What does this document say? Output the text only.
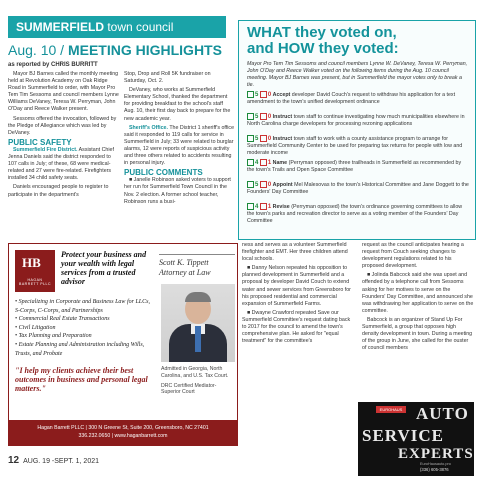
SUMMERFIELD town council
Aug. 10 / MEETING HIGHLIGHTS
as reported by CHRIS BURRITT

Mayor BJ Barnes called the monthly meeting held at Revolution Academy on Oak Ridge Road in Summerfield to order, with Mayor Pro Tem Tim Sessoms and council members Lynne Williams DeVaney, Teresa W. Perryman, John O'Day and Reece Walker present.

Sessoms offered the invocation, followed by the Pledge of Allegiance which was led by DeVaney.

PUBLIC SAFETY

Summerfield Fire District. Assistant Chief Jenna Daniels said the district responded to 107 calls in July; of these, 68 were medical-related and 27 were fire-related. Firefighters installed 34 child safety seats.

Daniels encouraged people to register to participate in the department's

Stop, Drop and Roll 5K fundraiser on Saturday, Oct. 2.

DeVaney, who works at Summerfield Elementary School, thanked the department for providing breakfast to the school's staff Aug. 10, their first day back to prepare for the new academic year.

Sheriff's Office. The District 1 sheriff's office said it responded to 119 calls for service in Summerfield in July; 33 were related to burglar alarms, 12 were reports of suspicious activity and three others related to accidents resulting in personal injury.

PUBLIC COMMENTS

■ Janelle Robinson asked voters to support her run for Summerfield Town Council in the Nov. 2 election. A former school teacher, Robinson runs a busi-

WHAT they voted on,
and HOW they voted:
Mayor Pro Tem Tim Sessoms and council members Lynne W. DeVaney, Teresa W. Perryman, John O'Day and Reece Walker voted on the following items during the Aug. 10 council meeting. Mayor BJ Barnes was present, but in Summerfield the mayor votes only to break a tie.
5 0 Accept developer David Couch's request to withdraw his application for a text amendment to the town's unified development ordinance
5 0 Instruct town staff to continue investigating how much municipalities elsewhere in North Carolina charge developers for processing rezoning applications
5 0 Instruct town staff to work with a county assistance program to arrange for Summerfield Community Center to be used for preparing tax returns for people with low and moderate income
4 1 Name (Perryman opposed) three trailheads in Summerfield as recommended by the town's Trails and Open Space Committee
5 0 Appoint Mel Malesovas to the town's Historical Committee and Jane Doggett to the Founders' Day Committee
4 1 Revise (Perryman opposed) the town's ordinance governing committees to allow the town's parks and recreation director to serve as a voting member of the Founders' Day Committee

ness and serves as a volunteer Summerfield firefighter and EMT. Her three children attend local schools.

■ Danny Nelson repeated his opposition to planned development in Summerfield and a proposal by developer David Couch to extend water and sewer services from Greensboro for his proposed residential and commercial expansion of Summerfield Farms.

■ Dwayne Crawford repeated Save our Summerfield Committee's request dating back to 2017 for the council to amend the town's comprehensive plan. He asked for "equal treatment" for the committee's

request as the council anticipates hearing a request from Couch seeking changes to development regulations related to his proposed development.

■ Jolinda Babcock said she was upset and offended by a telephone call from Sessoms asking for her motives to serve on the Founders' Day Committee, and announced she was withdrawing her application to serve on the committee.

Babcock is an organizer of Stand Up For Summerfield, a group that opposes high density development in town. During a meeting of the group in June, she called for the ouster of council members

HB
HAGAN BARRETT PLLC
Protect your business and your wealth with legal services from a trusted advisor
• Specializing in Corporate and Business Law for LLCs, S-Corps, C-Corps, and Partnerships
• Commercial Real Estate Transactions
• Civil Litigation
• Tax Planning and Preparation
• Estate Planning and Administration including Wills, Trusts, and Probate
"I help my clients achieve their best outcomes in business and personal legal matters."
Scott K. Tippett
Attorney at Law
Admitted in Georgia, North Carolina, and U.S. Tax Court.
DRC Certified Mediator- Superior Court
Hagan Barrett PLLC | 300 N Greene St, Suite 200, Greensboro, NC 27401
336.232.0650 | www.haganbarrett.com
12 AUG. 19 -SEPT. 1, 2021
EUROHAUS AUTO
SERVICE
EXPERTS
EuroHausauto.pro
(336) 605-3876
